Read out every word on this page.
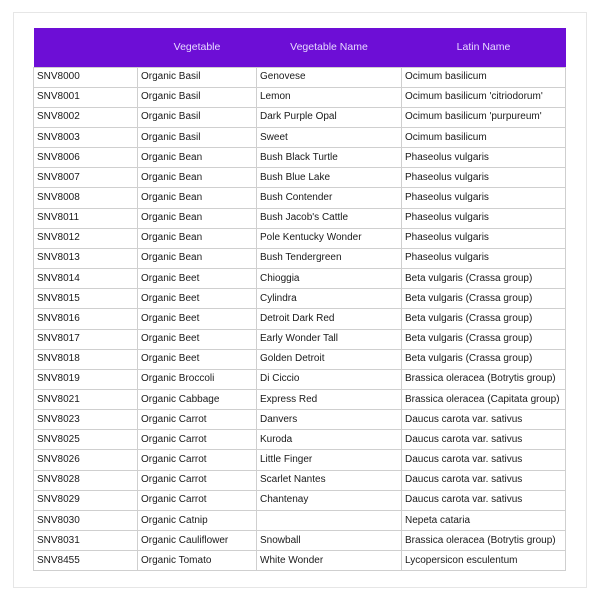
	Vegetable	Vegetable Name	Latin Name
SNV8000	Organic Basil	Genovese	Ocimum basilicum
SNV8001	Organic Basil	Lemon	Ocimum basilicum 'citriodorum'
SNV8002	Organic Basil	Dark Purple Opal	Ocimum basilicum 'purpureum'
SNV8003	Organic Basil	Sweet	Ocimum basilicum
SNV8006	Organic Bean	Bush Black Turtle	Phaseolus vulgaris
SNV8007	Organic Bean	Bush Blue Lake	Phaseolus vulgaris
SNV8008	Organic Bean	Bush Contender	Phaseolus vulgaris
SNV8011	Organic Bean	Bush Jacob's Cattle	Phaseolus vulgaris
SNV8012	Organic Bean	Pole Kentucky Wonder	Phaseolus vulgaris
SNV8013	Organic Bean	Bush Tendergreen	Phaseolus vulgaris
SNV8014	Organic Beet	Chioggia	Beta vulgaris (Crassa group)
SNV8015	Organic Beet	Cylindra	Beta vulgaris (Crassa group)
SNV8016	Organic Beet	Detroit Dark Red	Beta vulgaris (Crassa group)
SNV8017	Organic Beet	Early Wonder Tall	Beta vulgaris (Crassa group)
SNV8018	Organic Beet	Golden Detroit	Beta vulgaris (Crassa group)
SNV8019	Organic Broccoli	Di Ciccio	Brassica oleracea (Botrytis group)
SNV8021	Organic Cabbage	Express Red	Brassica oleracea (Capitata group)
SNV8023	Organic Carrot	Danvers	Daucus carota var. sativus
SNV8025	Organic Carrot	Kuroda	Daucus carota var. sativus
SNV8026	Organic Carrot	Little Finger	Daucus carota var. sativus
SNV8028	Organic Carrot	Scarlet Nantes	Daucus carota var. sativus
SNV8029	Organic Carrot	Chantenay	Daucus carota var. sativus
SNV8030	Organic Catnip		Nepeta cataria
SNV8031	Organic Cauliflower	Snowball	Brassica oleracea (Botrytis group)
SNV8455	Organic Tomato	White Wonder	Lycopersicon esculentum
